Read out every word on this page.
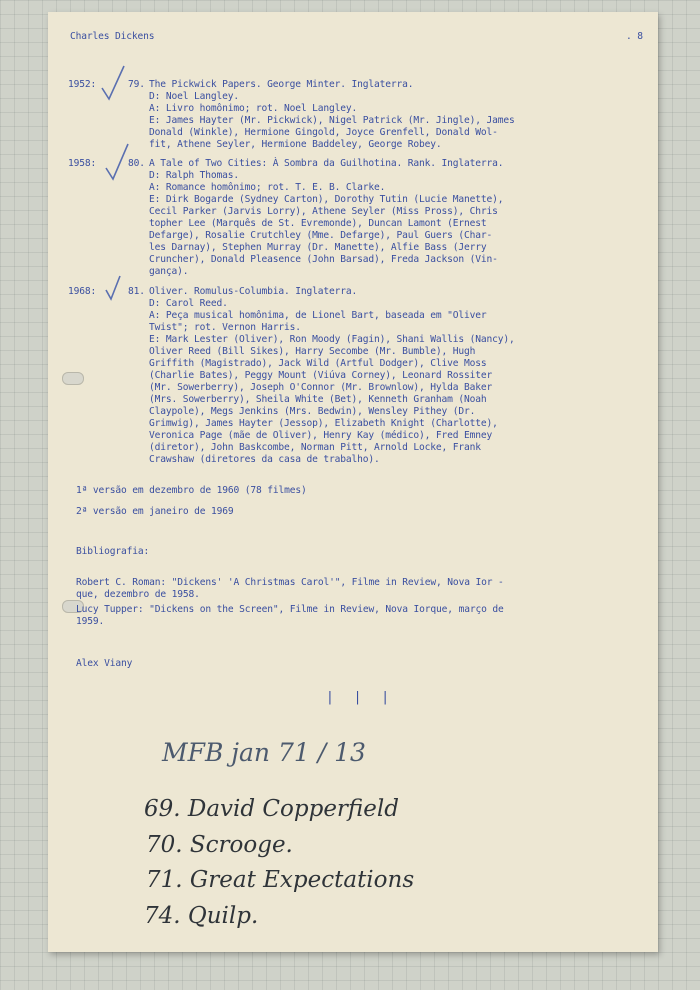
Charles Dickens	. 8
1952:	79. The Pickwick Papers. George Minter. Inglaterra.
D: Noel Langley.
A: Livro homônimo; rot. Noel Langley.
E: James Hayter (Mr. Pickwick), Nigel Patrick (Mr. Jingle), James
Donald (Winkle), Hermione Gingold, Joyce Grenfell, Donald Wol-
fit, Athene Seyler, Hermione Baddeley, George Robey.
1958:	80. A Tale of Two Cities: À Sombra da Guilhotina. Rank. Inglaterra.
D: Ralph Thomas.
A: Romance homônimo; rot. T. E. B. Clarke.
E: Dirk Bogarde (Sydney Carton), Dorothy Tutin (Lucie Manette),
Cecil Parker (Jarvis Lorry), Athene Seyler (Miss Pross), Chris
topher Lee (Marquês de St. Evremonde), Duncan Lamont (Ernest
Defarge), Rosalie Crutchley (Mme. Defarge), Paul Guers (Char-
les Darnay), Stephen Murray (Dr. Manette), Alfie Bass (Jerry
Cruncher), Donald Pleasence (John Barsad), Freda Jackson (Vin-
gança).
1968:	81. Oliver. Romulus-Columbia. Inglaterra.
D: Carol Reed.
A: Peça musical homônima, de Lionel Bart, baseada em "Oliver
Twist"; rot. Vernon Harris.
E: Mark Lester (Oliver), Ron Moody (Fagin), Shani Wallis (Nancy),
Oliver Reed (Bill Sikes), Harry Secombe (Mr. Bumble), Hugh
Griffith (Magistrado), Jack Wild (Artful Dodger), Clive Moss
(Charlie Bates), Peggy Mount (Viúva Corney), Leonard Rossiter
(Mr. Sowerberry), Joseph O'Connor (Mr. Brownlow), Hylda Baker
(Mrs. Sowerberry), Sheila White (Bet), Kenneth Granham (Noah
Claypole), Megs Jenkins (Mrs. Bedwin), Wensley Pithey (Dr.
Grimwig), James Hayter (Jessop), Elizabeth Knight (Charlotte),
Veronica Page (mãe de Oliver), Henry Kay (médico), Fred Emney
(diretor), John Baskcombe, Norman Pitt, Arnold Locke, Frank
Crawshaw (diretores da casa de trabalho).
1ª versão em dezembro de 1960 (78 filmes)
2ª versão em janeiro de 1969
Bibliografia:
Robert C. Roman: "Dickens' 'A Christmas Carol'", Filme in Review, Nova Ior -
que, dezembro de 1958.
Lucy Tupper: "Dickens on the Screen", Filme in Review, Nova Iorque, março de
1959.
Alex Viany
| | |
MFB jan 71 / 13
69. David Copperfield
70. Scrooge.
71. Great Expectations
74. Quilp.
